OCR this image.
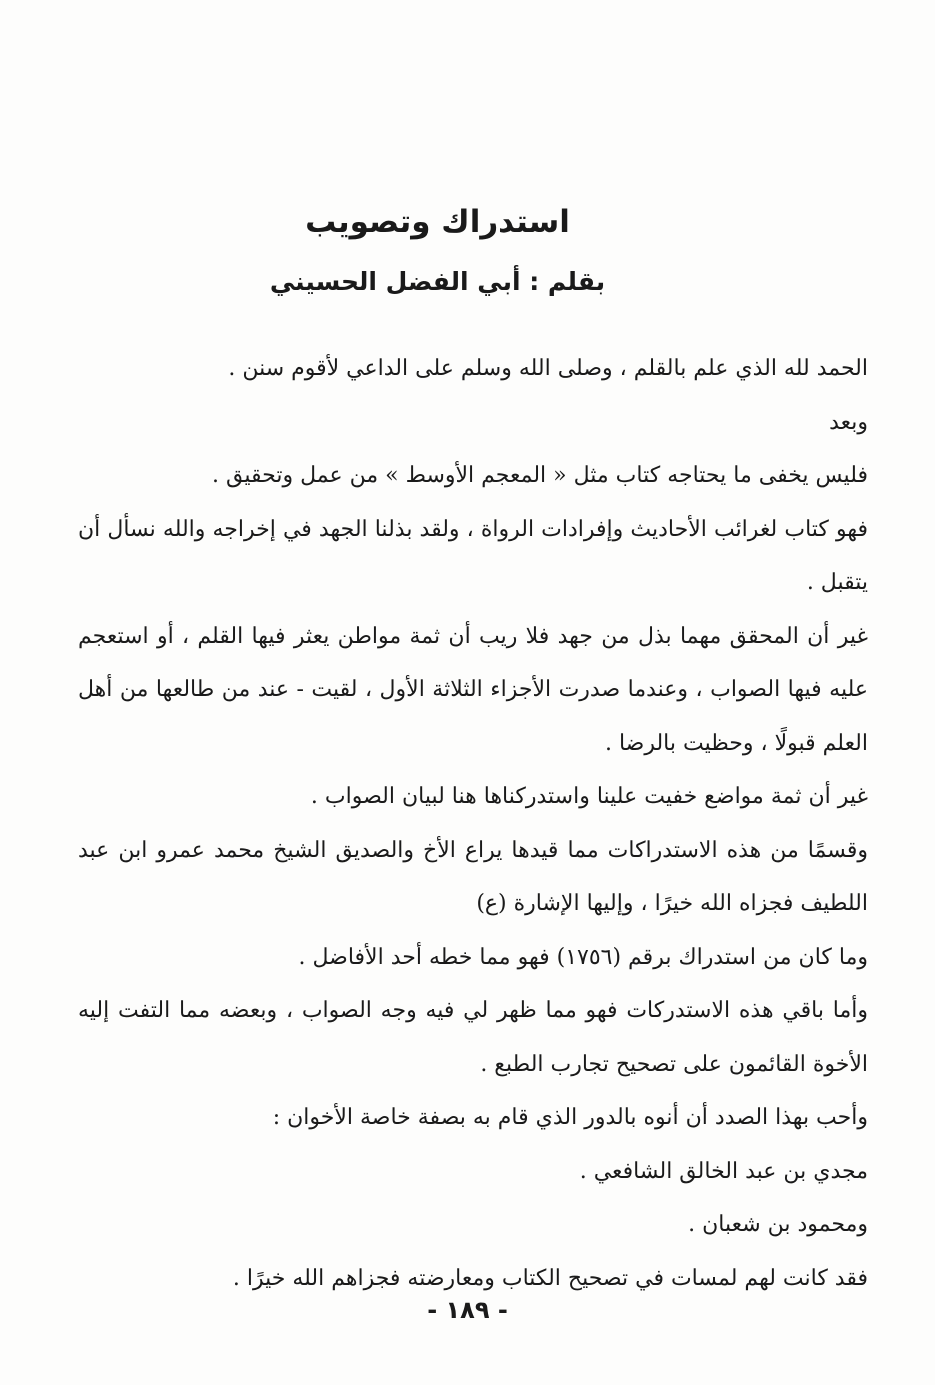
استدراك وتصويب
بقلم : أبي الفضل الحسيني

الحمد لله الذي علم بالقلم ، وصلى الله وسلم على الداعي لأقوم سنن .

وبعد

فليس يخفى ما يحتاجه كتاب مثل « المعجم الأوسط » من عمل وتحقيق .

فهو كتاب لغرائب الأحاديث وإفرادات الرواة ، ولقد بذلنا الجهد في إخراجه والله نسأل أن يتقبل .

غير أن المحقق مهما بذل من جهد فلا ريب أن ثمة مواطن يعثر فيها القلم ، أو استعجم عليه فيها الصواب ، وعندما صدرت الأجزاء الثلاثة الأول ، لقيت - عند من طالعها من أهل العلم قبولًا ، وحظيت بالرضا .

غير أن ثمة مواضع خفيت علينا واستدركناها هنا لبيان الصواب .

وقسمًا من هذه الاستدراكات مما قيدها يراع الأخ والصديق الشيخ محمد عمرو ابن عبد اللطيف فجزاه الله خيرًا ، وإليها الإشارة (ع)

وما كان من استدراك برقم (١٧٥٦) فهو مما خطه أحد الأفاضل .

وأما باقي هذه الاستدركات فهو مما ظهر لي فيه وجه الصواب ، وبعضه مما التفت إليه الأخوة القائمون على تصحيح تجارب الطبع .

وأحب بهذا الصدد أن أنوه بالدور الذي قام به بصفة خاصة الأخوان :

مجدي بن عبد الخالق الشافعي .

ومحمود بن شعبان .

فقد كانت لهم لمسات في تصحيح الكتاب ومعارضته فجزاهم الله خيرًا .

- ١٨٩ -
